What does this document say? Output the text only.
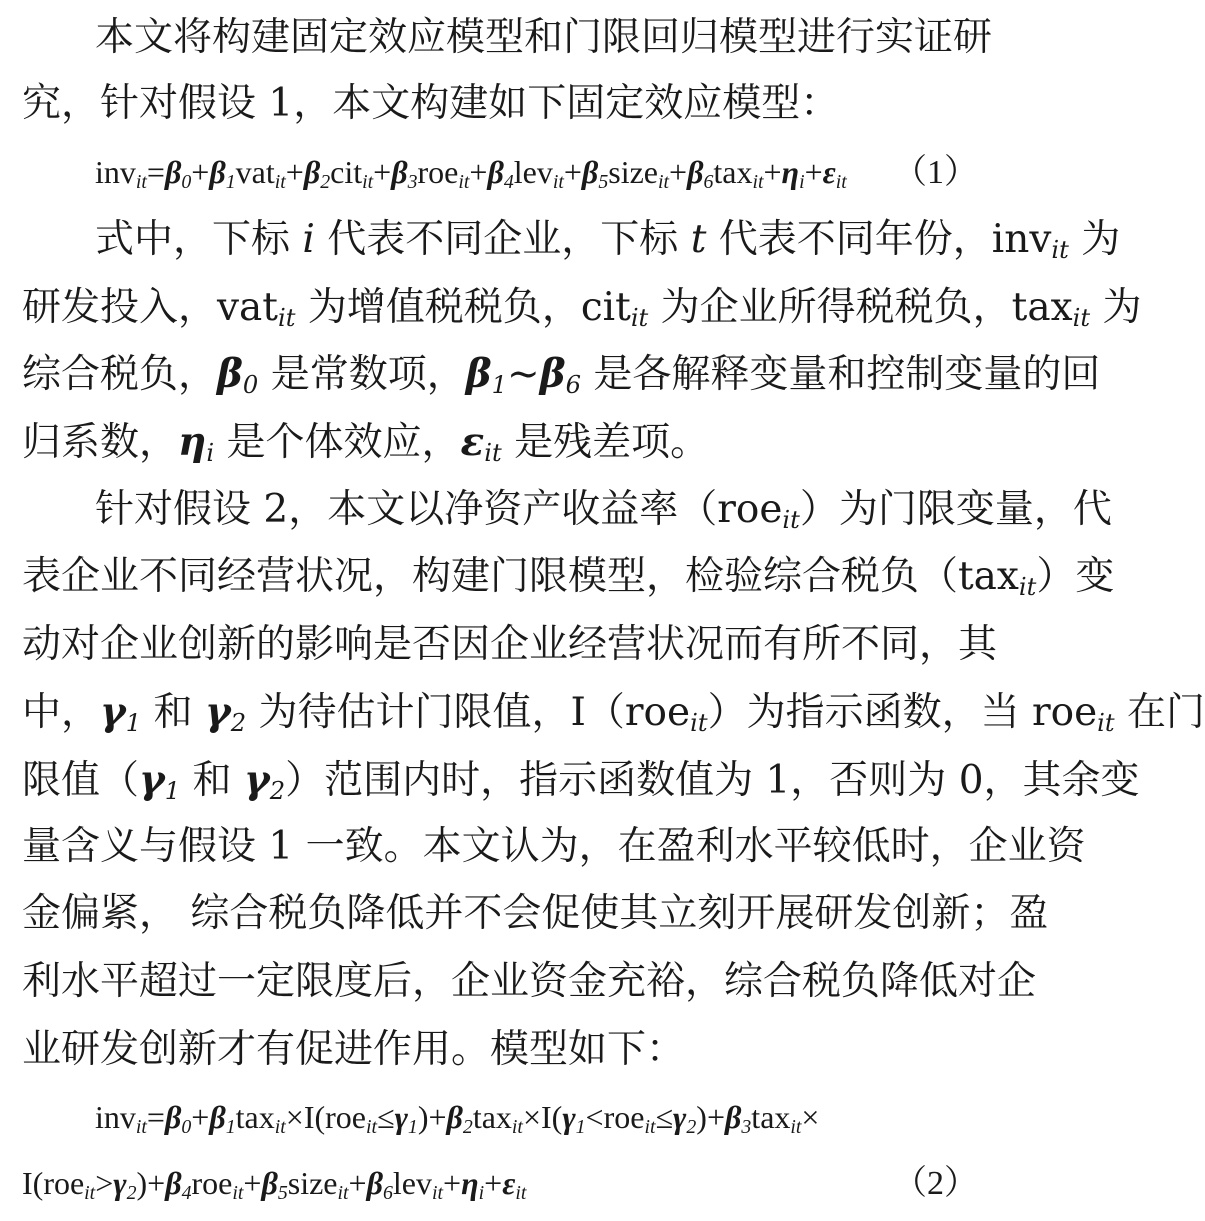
本文将构建固定效应模型和门限回归模型进行实证研
究，针对假设 1，本文构建如下固定效应模型：
$inv_{it}=\beta_0+\beta_1vat_{it}+\beta_2cit_{it}+\beta_3roe_{it}+\beta_4lev_{it}+\beta_5size_{it}+\beta_6tax_{it}+\eta_i+\varepsilon_{it}$ （1）
式中，下标 i 代表不同企业，下标 t 代表不同年份，inv$_{it}$ 为
研发投入，vat$_{it}$ 为增值税税负，cit$_{it}$ 为企业所得税税负，tax$_{it}$ 为
综合税负，$\beta_0$ 是常数项，$\beta_1\sim\beta_6$ 是各解释变量和控制变量的回
归系数，$\eta_i$ 是个体效应，$\varepsilon_{it}$ 是残差项。
针对假设 2，本文以净资产收益率（roe$_{it}$）为门限变量，代
表企业不同经营状况，构建门限模型，检验综合税负（tax$_{it}$）变
动对企业创新的影响是否因企业经营状况而有所不同，其
中，$\gamma_1$ 和 $\gamma_2$ 为待估计门限值，I（roe$_{it}$）为指示函数，当 roe$_{it}$ 在门
限值（$\gamma_1$ 和 $\gamma_2$）范围内时，指示函数值为 1，否则为 0，其余变
量含义与假设 1 一致。本文认为，在盈利水平较低时，企业资
金偏紧， 综合税负降低并不会促使其立刻开展研发创新；盈
利水平超过一定限度后，企业资金充裕，综合税负降低对企
业研发创新才有促进作用。模型如下：
$inv_{it}=\beta_0+\beta_1tax_{it}\times I(roe_{it}\le\gamma_1)+\beta_2tax_{it}\times I(\gamma_1<roe_{it}\le\gamma_2)+\beta_3tax_{it}\times$
$I(roe_{it}>\gamma_2)+\beta_4roe_{it}+\beta_5size_{it}+\beta_6lev_{it}+\eta_i+\varepsilon_{it}$	（2）
